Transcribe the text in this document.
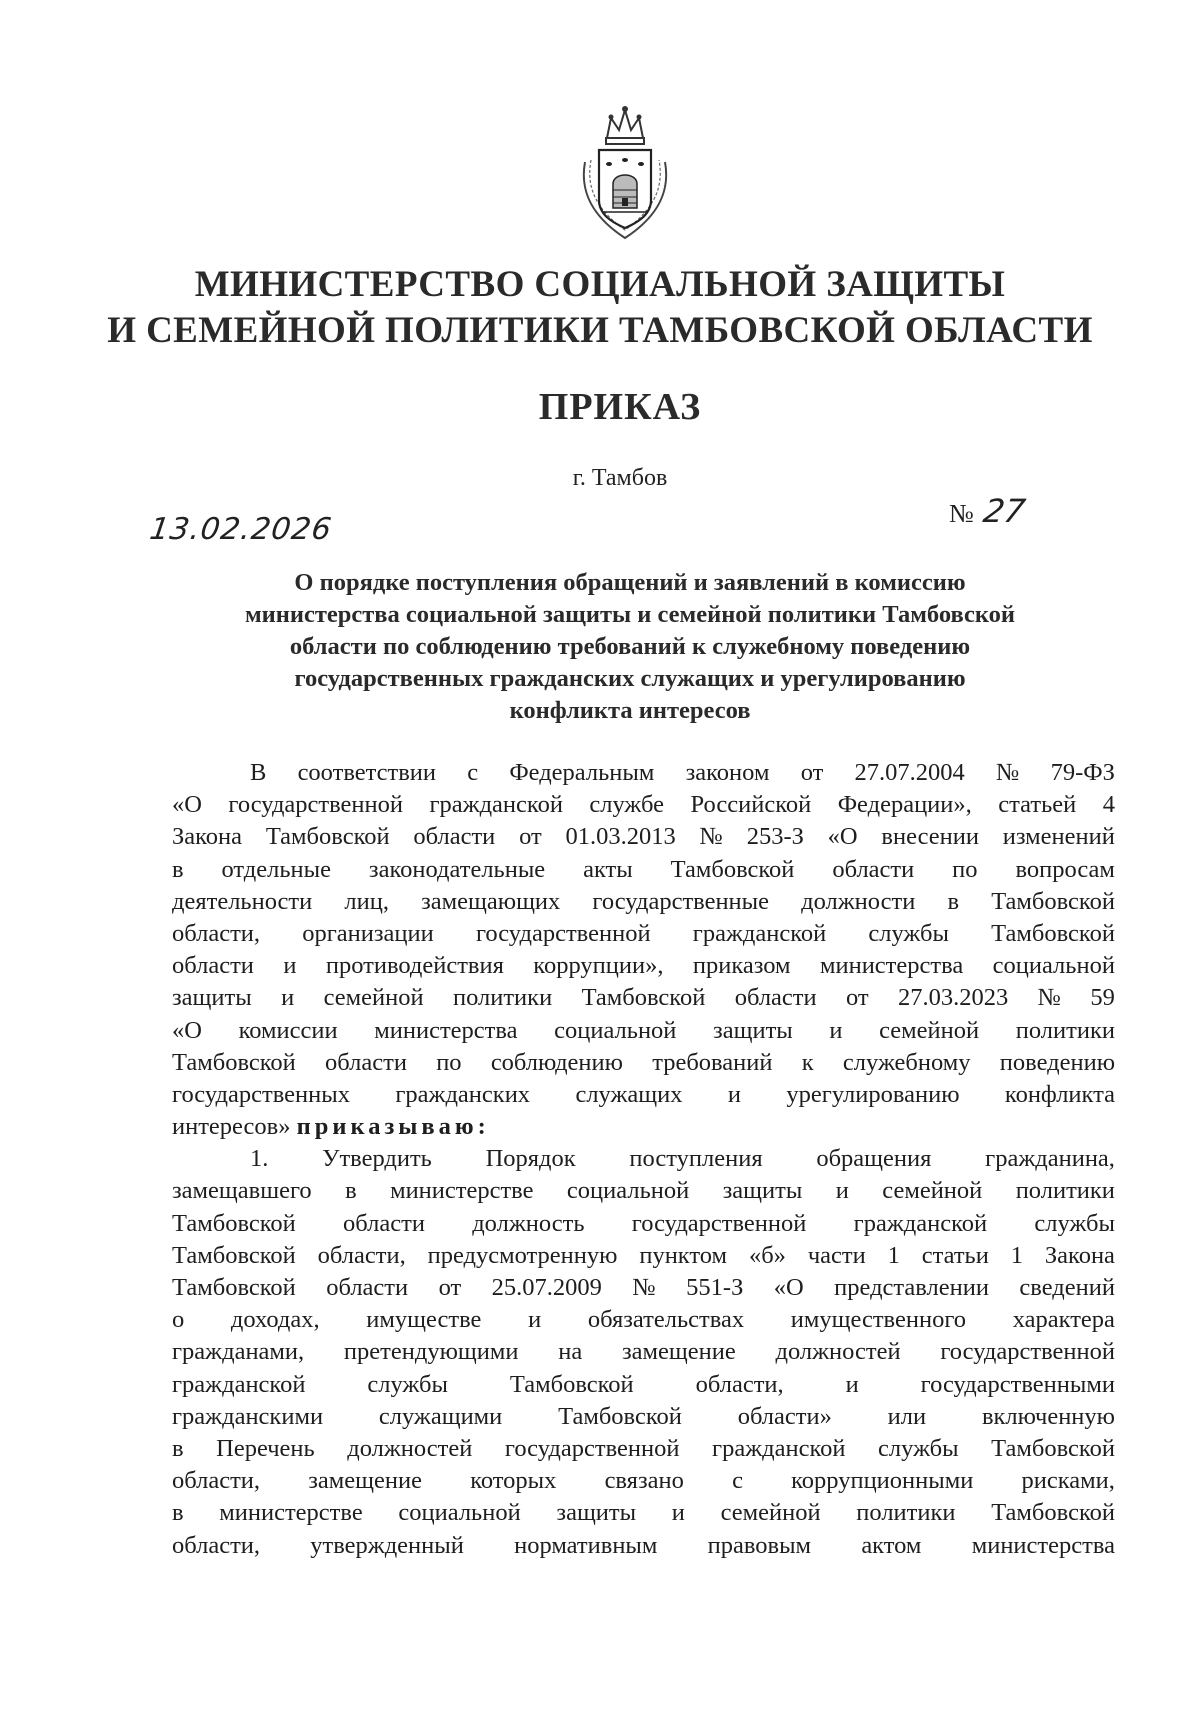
МИНИСТЕРСТВО СОЦИАЛЬНОЙ ЗАЩИТЫ
И СЕМЕЙНОЙ ПОЛИТИКИ ТАМБОВСКОЙ ОБЛАСТИ
ПРИКАЗ
г. Тамбов
13.02.2026	№ 27
О порядке поступления обращений и заявлений в комиссию
министерства социальной защиты и семейной политики Тамбовской
области по соблюдению требований к служебному поведению
государственных гражданских служащих и урегулированию
конфликта интересов
В соответствии с Федеральным законом от 27.07.2004 № 79-ФЗ
«О государственной гражданской службе Российской Федерации», статьей 4
Закона Тамбовской области от 01.03.2013 № 253-З «О внесении изменений
в отдельные законодательные акты Тамбовской области по вопросам
деятельности лиц, замещающих государственные должности в Тамбовской
области, организации государственной гражданской службы Тамбовской
области и противодействия коррупции», приказом министерства социальной
защиты и семейной политики Тамбовской области от 27.03.2023 № 59
«О комиссии министерства социальной защиты и семейной политики
Тамбовской области по соблюдению требований к служебному поведению
государственных гражданских служащих и урегулированию конфликта
интересов»
приказываю:
1. Утвердить Порядок поступления обращения гражданина,
замещавшего в министерстве социальной защиты и семейной политики
Тамбовской области должность государственной гражданской службы
Тамбовской области, предусмотренную пунктом «б» части 1 статьи 1 Закона
Тамбовской области от 25.07.2009 № 551-З «О представлении сведений
о доходах, имуществе и обязательствах имущественного характера
гражданами, претендующими на замещение должностей государственной
гражданской	службы	Тамбовской	области,	и	государственными
гражданскими служащими Тамбовской области» или включенную
в Перечень должностей государственной гражданской службы Тамбовской
области, замещение которых связано с коррупционными рисками,
в министерстве социальной защиты и семейной политики Тамбовской
области, утвержденный нормативным правовым актом министерства
